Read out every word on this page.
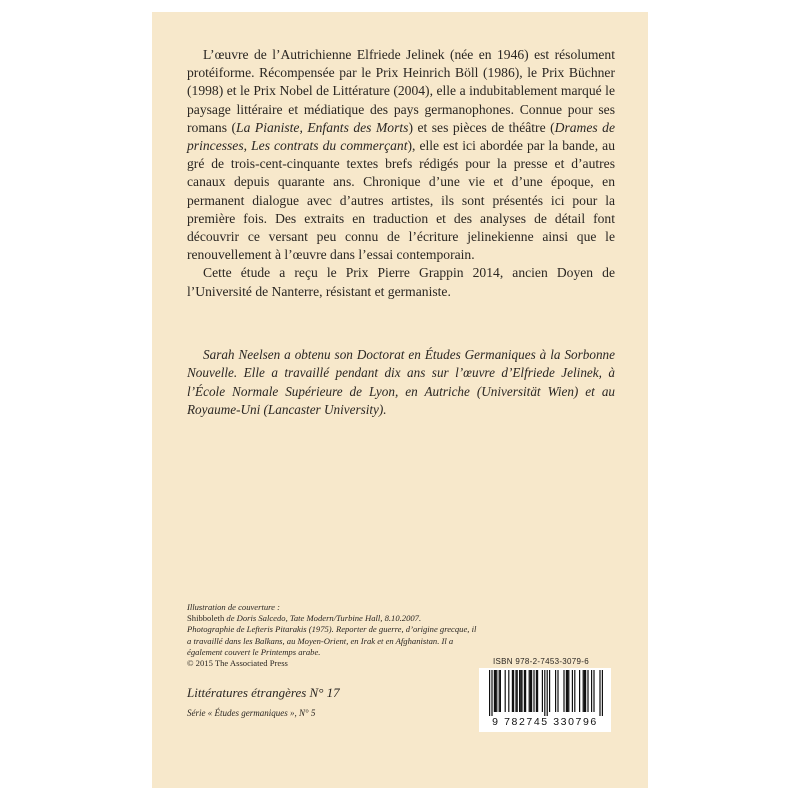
L’œuvre de l’Autrichienne Elfriede Jelinek (née en 1946) est résolument protéiforme. Récompensée par le Prix Heinrich Böll (1986), le Prix Büchner (1998) et le Prix Nobel de Littérature (2004), elle a indubitablement marqué le paysage littéraire et médiatique des pays germanophones. Connue pour ses romans (La Pianiste, Enfants des Morts) et ses pièces de théâtre (Drames de princesses, Les contrats du commerçant), elle est ici abordée par la bande, au gré de trois-cent-cinquante textes brefs rédigés pour la presse et d’autres canaux depuis quarante ans. Chronique d’une vie et d’une époque, en permanent dialogue avec d’autres artistes, ils sont présentés ici pour la première fois. Des extraits en traduction et des analyses de détail font découvrir ce versant peu connu de l’écriture jelinekienne ainsi que le renouvellement à l’œuvre dans l’essai contemporain.

Cette étude a reçu le Prix Pierre Grappin 2014, ancien Doyen de l’Université de Nanterre, résistant et germaniste.

Sarah Neelsen a obtenu son Doctorat en Études Germaniques à la Sorbonne Nouvelle. Elle a travaillé pendant dix ans sur l’œuvre d’Elfriede Jelinek, à l’École Normale Supérieure de Lyon, en Autriche (Universität Wien) et au Royaume-Uni (Lancaster University).

Illustration de couverture :
Shibboleth de Doris Salcedo, Tate Modern/Turbine Hall, 8.10.2007.
Photographie de Lefteris Pitarakis (1975). Reporter de guerre, d’origine grecque, il a travaillé dans les Balkans, au Moyen-Orient, en Irak et en Afghanistan. Il a également couvert le Printemps arabe.
© 2015 The Associated Press
Littératures étrangères N° 17
Série « Études germaniques », N° 5
ISBN 978-2-7453-3079-6
9 782745 330796
